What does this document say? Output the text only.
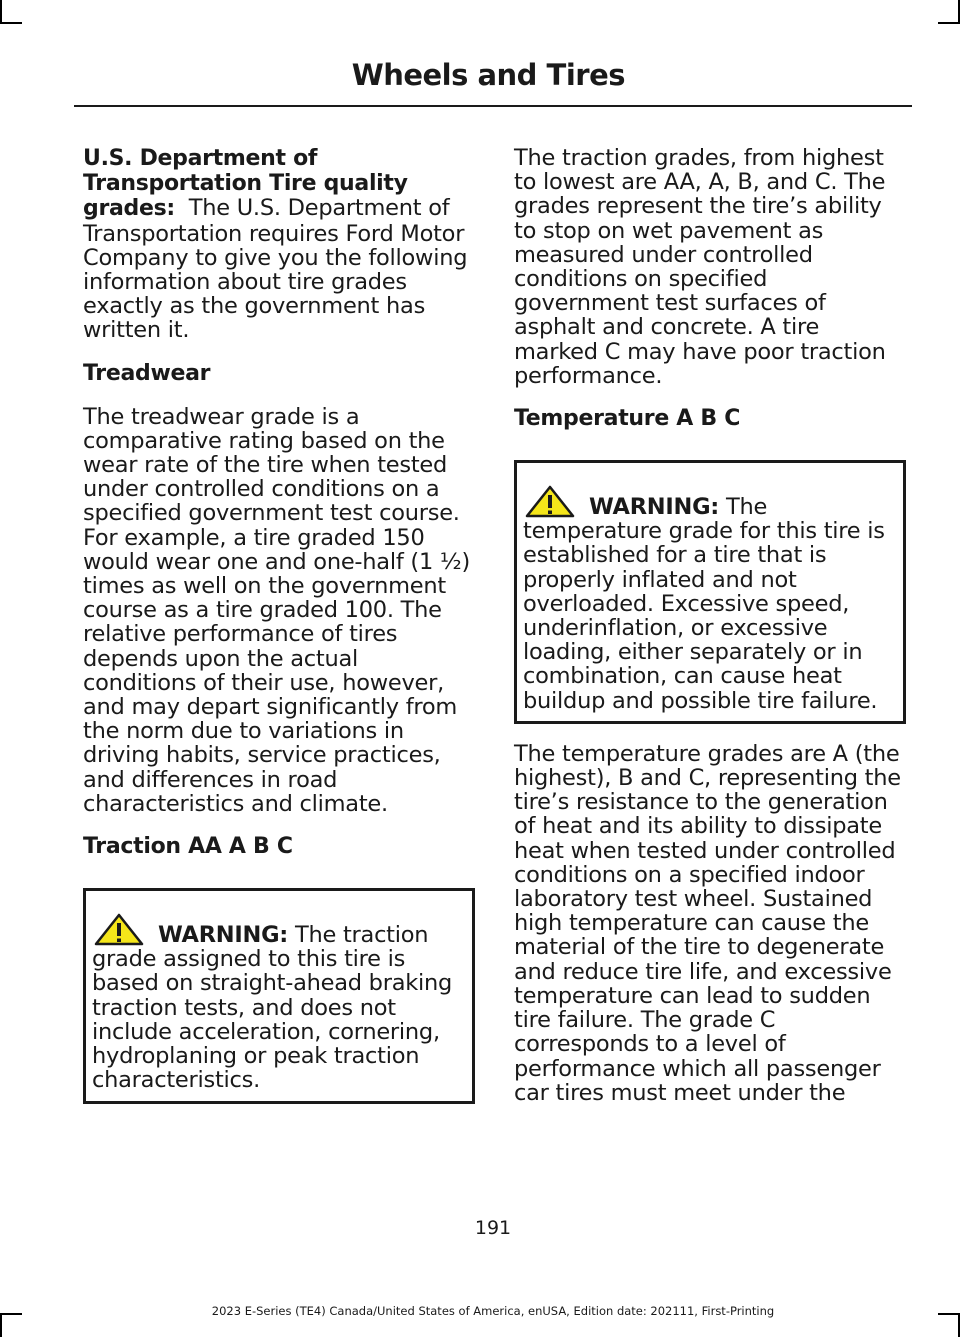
Wheels and Tires

U.S. Department of Transportation Tire quality grades: The U.S. Department of Transportation requires Ford Motor Company to give you the following information about tire grades exactly as the government has written it.

Treadwear

The treadwear grade is a comparative rating based on the wear rate of the tire when tested under controlled conditions on a specified government test course. For example, a tire graded 150 would wear one and one-half (1 ½) times as well on the government course as a tire graded 100. The relative performance of tires depends upon the actual conditions of their use, however, and may depart significantly from the norm due to variations in driving habits, service practices, and differences in road characteristics and climate.

Traction AA A B C
WARNING: The traction grade assigned to this tire is based on straight-ahead braking traction tests, and does not include acceleration, cornering, hydroplaning or peak traction characteristics.

The traction grades, from highest to lowest are AA, A, B, and C. The grades represent the tire’s ability to stop on wet pavement as measured under controlled conditions on specified government test surfaces of asphalt and concrete. A tire marked C may have poor traction performance.

Temperature A B C
WARNING: The temperature grade for this tire is established for a tire that is properly inflated and not overloaded. Excessive speed, underinflation, or excessive loading, either separately or in combination, can cause heat buildup and possible tire failure.

The temperature grades are A (the highest), B and C, representing the tire’s resistance to the generation of heat and its ability to dissipate heat when tested under controlled conditions on a specified indoor laboratory test wheel. Sustained high temperature can cause the material of the tire to degenerate and reduce tire life, and excessive temperature can lead to sudden tire failure. The grade C corresponds to a level of performance which all passenger car tires must meet under the

191
2023 E-Series (TE4) Canada/United States of America, enUSA, Edition date: 202111, First-Printing
